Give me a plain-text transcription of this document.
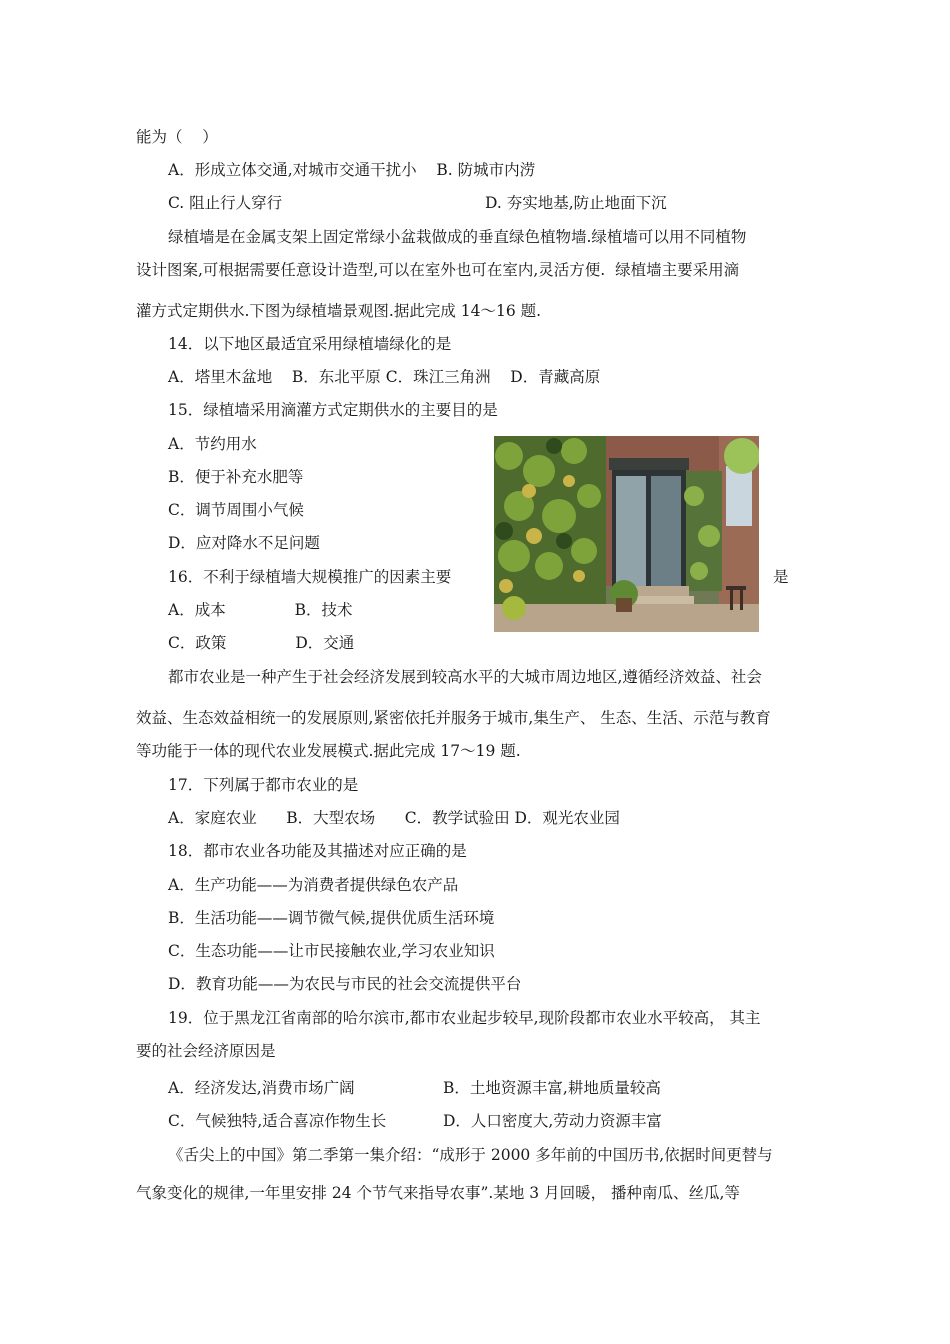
能为（    ）
A．形成立体交通,对城市交通干扰小    B. 防城市内涝
C. 阻止行人穿行	D. 夯实地基,防止地面下沉
绿植墙是在金属支架上固定常绿小盆栽做成的垂直绿色植物墙.绿植墙可以用不同植物
设计图案,可根据需要任意设计造型,可以在室外也可在室内,灵活方便.  绿植墙主要采用滴
灌方式定期供水.下图为绿植墙景观图.据此完成 14～16 题.
14．以下地区最适宜采用绿植墙绿化的是
A．塔里木盆地    B．东北平原 C．珠江三角洲    D．青藏高原
15．绿植墙采用滴灌方式定期供水的主要目的是
A．节约用水
B．便于补充水肥等
C．调节周围小气候
D．应对降水不足问题
16．不利于绿植墙大规模推广的因素主要	是
A．成本              B．技术
C．政策              D．交通
都市农业是一种产生于社会经济发展到较高水平的大城市周边地区,遵循经济效益、社会
效益、生态效益相统一的发展原则,紧密依托并服务于城市,集生产、 生态、生活、示范与教育
等功能于一体的现代农业发展模式.据此完成 17～19 题.
17．下列属于都市农业的是
A．家庭农业      B．大型农场      C．教学试验田 D．观光农业园
18．都市农业各功能及其描述对应正确的是
A．生产功能——为消费者提供绿色农产品
B．生活功能——调节微气候,提供优质生活环境
C．生态功能——让市民接触农业,学习农业知识
D．教育功能——为农民与市民的社会交流提供平台
19．位于黑龙江省南部的哈尔滨市,都市农业起步较早,现阶段都市农业水平较高， 其主
要的社会经济原因是
A．经济发达,消费市场广阔	B．土地资源丰富,耕地质量较高
C．气候独特,适合喜凉作物生长	D．人口密度大,劳动力资源丰富
《舌尖上的中国》第二季第一集介绍：“成形于 2000 多年前的中国历书,依据时间更替与
气象变化的规律,一年里安排 24 个节气来指导农事”.某地 3 月回暖， 播种南瓜、丝瓜,等
